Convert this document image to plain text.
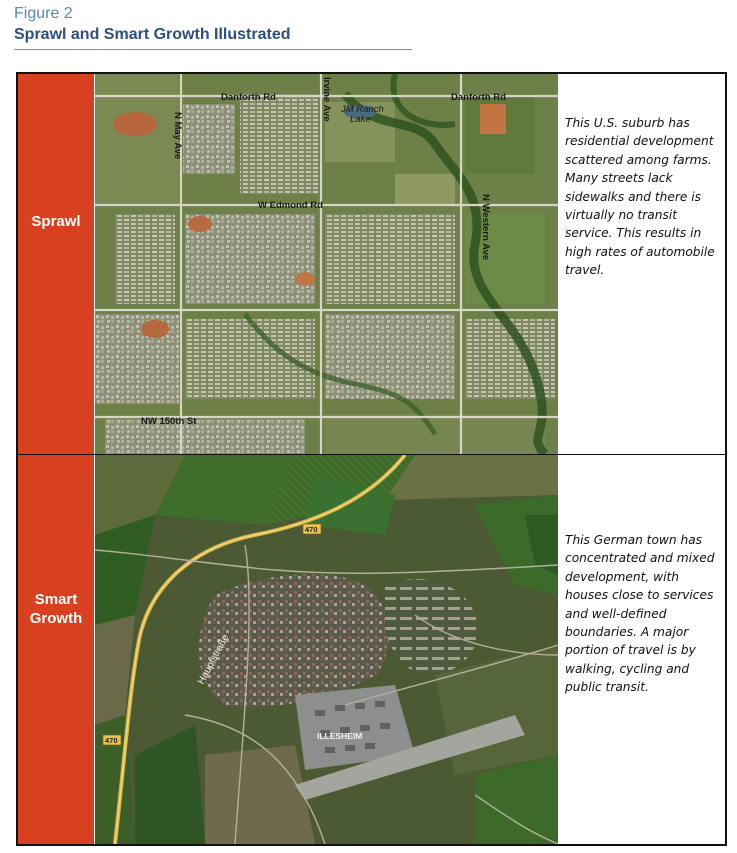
Figure 2
Sprawl and Smart Growth Illustrated
Sprawl
Danforth Rd	Danforth Rd
Irvine Ave JM Ranch
Lake
N May Ave
W Edmond Rd	N Western Ave
NW 150th St
This U.S. suburb has residential development scattered among farms. Many streets lack sidewalks and there is virtually no transit service. This results in high rates of automobile travel.
Smart
Growth
470
470
Hauptstraße
ILLESHEIM
This German town has concentrated and mixed development, with houses close to services and well-defined boundaries. A major portion of travel is by walking, cycling and public transit.
